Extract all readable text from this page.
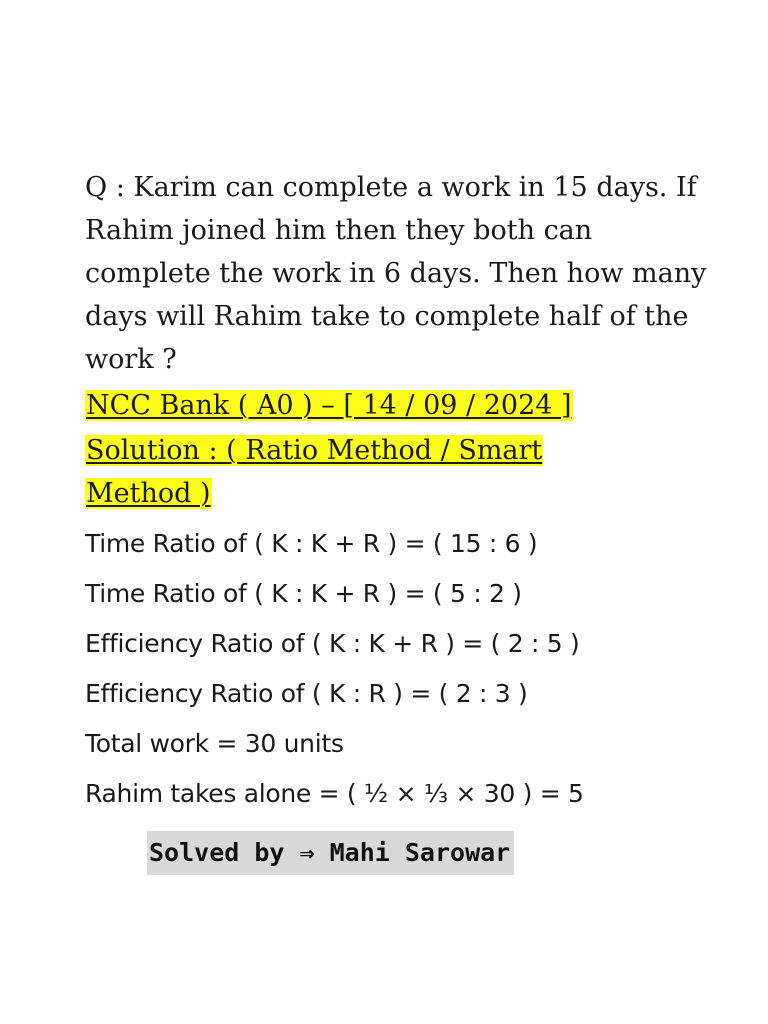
Q : Karim can complete a work in 15 days. If Rahim joined him then they both can complete the work in 6 days. Then how many days will Rahim take to complete half of the work ?

NCC Bank ( A0 ) – [ 14 / 09 / 2024 ]

Solution : ( Ratio Method / Smart Method )

Time Ratio of ( K : K + R ) = ( 15 : 6 )
Time Ratio of ( K : K + R ) = ( 5 : 2 )
Efficiency Ratio of ( K : K + R ) = ( 2 : 5 )
Efficiency Ratio of ( K : R ) = ( 2 : 3 )
Total work = 30 units
Rahim takes alone = ( ½ × ⅓ × 30 ) = 5
Solved by ⇒ Mahi Sarowar
